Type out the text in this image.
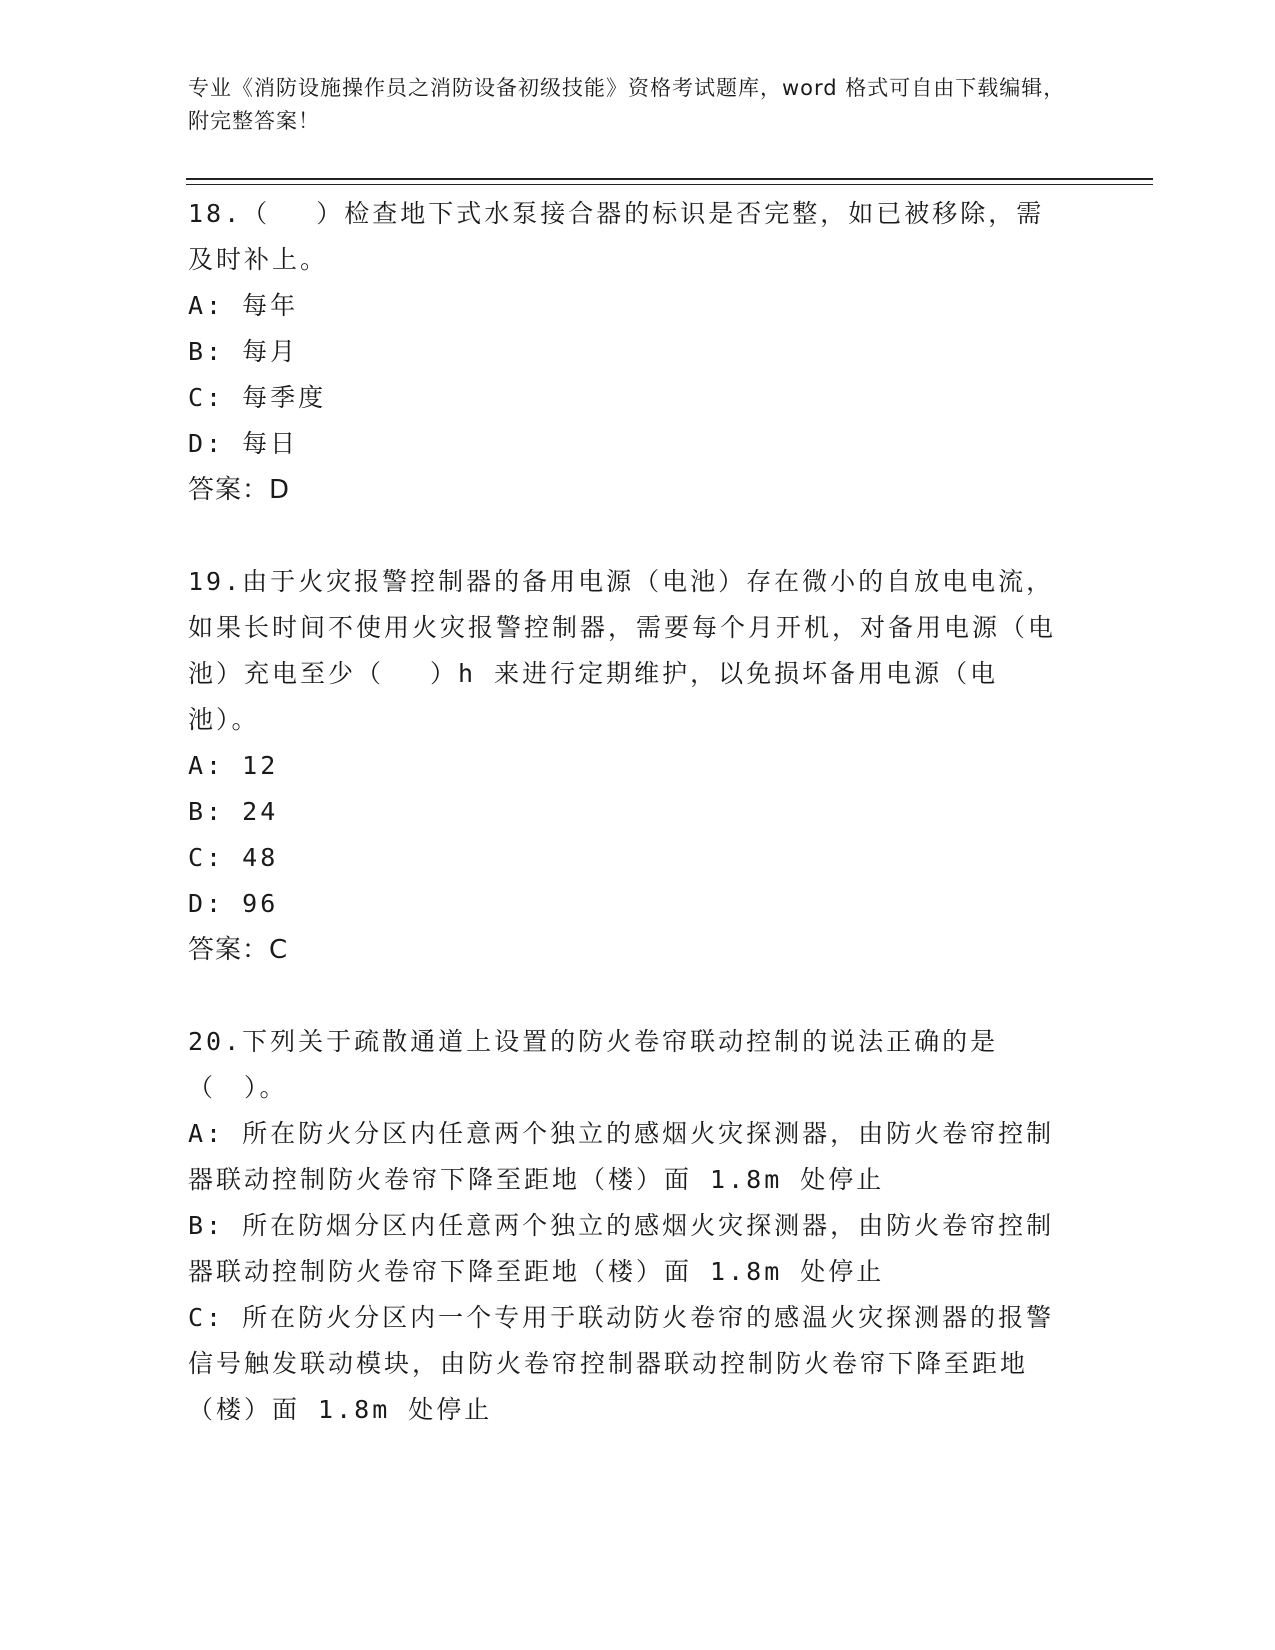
专业《消防设施操作员之消防设备初级技能》资格考试题库，word 格式可自由下载编辑，附完整答案！
18.（　 ）检查地下式水泵接合器的标识是否完整，如已被移除，需及时补上。
A: 每年
B: 每月
C: 每季度
D: 每日
答案：D
19.由于火灾报警控制器的备用电源（电池）存在微小的自放电电流，如果长时间不使用火灾报警控制器，需要每个月开机，对备用电源（电池）充电至少（　 ）h 来进行定期维护，以免损坏备用电源（电池）。
A: 12
B: 24
C: 48
D: 96
答案：C
20.下列关于疏散通道上设置的防火卷帘联动控制的说法正确的是（　）。
A: 所在防火分区内任意两个独立的感烟火灾探测器，由防火卷帘控制器联动控制防火卷帘下降至距地（楼）面 1.8m 处停止
B: 所在防烟分区内任意两个独立的感烟火灾探测器，由防火卷帘控制器联动控制防火卷帘下降至距地（楼）面 1.8m 处停止
C: 所在防火分区内一个专用于联动防火卷帘的感温火灾探测器的报警信号触发联动模块，由防火卷帘控制器联动控制防火卷帘下降至距地（楼）面 1.8m 处停止
